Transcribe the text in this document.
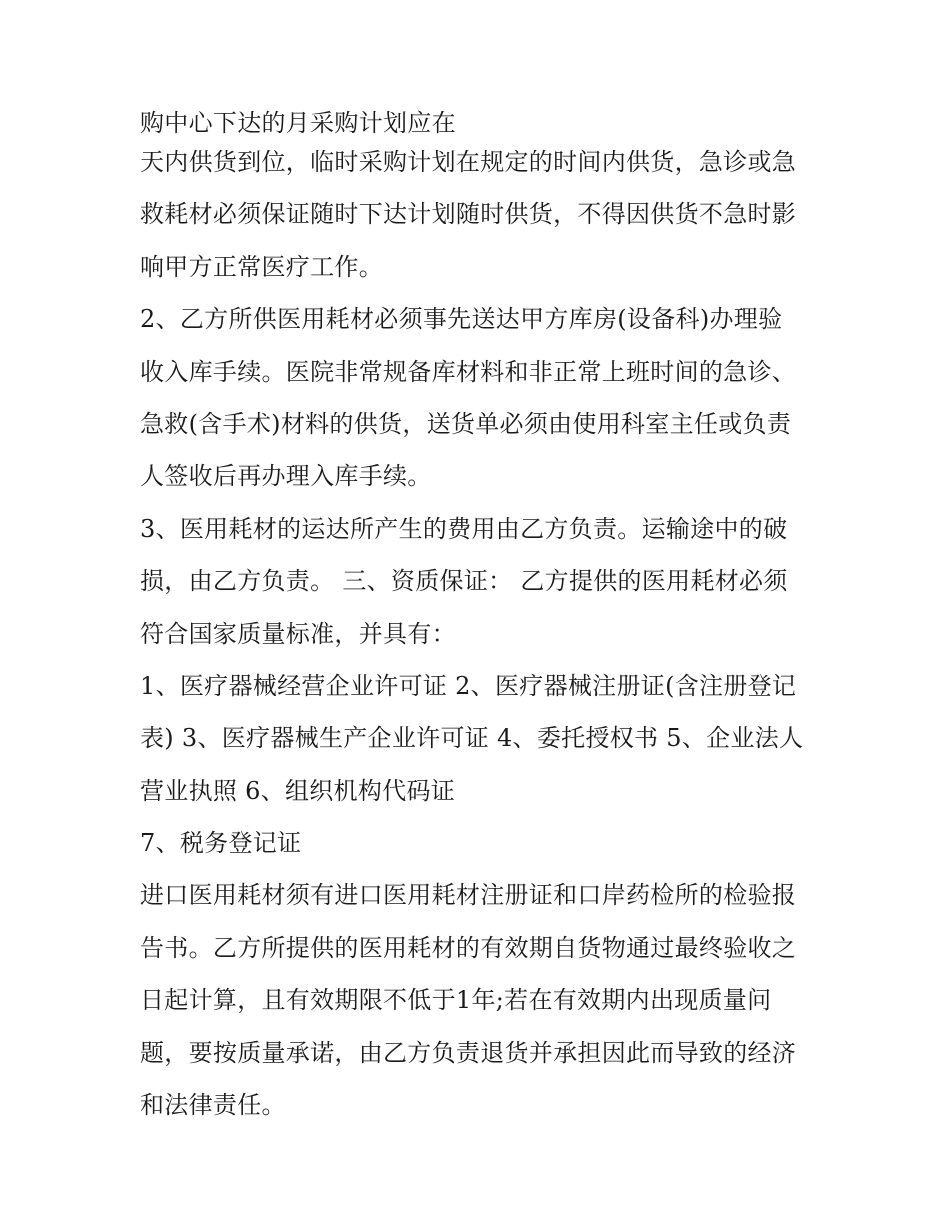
购中心下达的月采购计划应在
天内供货到位，临时采购计划在规定的时间内供货，急诊或急
救耗材必须保证随时下达计划随时供货，不得因供货不急时影
响甲方正常医疗工作。
2、乙方所供医用耗材必须事先送达甲方库房(设备科)办理验
收入库手续。医院非常规备库材料和非正常上班时间的急诊、
急救(含手术)材料的供货，送货单必须由使用科室主任或负责
人签收后再办理入库手续。
3、医用耗材的运达所产生的费用由乙方负责。运输途中的破
损，由乙方负责。 三、资质保证： 乙方提供的医用耗材必须
符合国家质量标准，并具有：
1、医疗器械经营企业许可证 2、医疗器械注册证(含注册登记
表) 3、医疗器械生产企业许可证 4、委托授权书 5、企业法人
营业执照 6、组织机构代码证
7、税务登记证
进口医用耗材须有进口医用耗材注册证和口岸药检所的检验报
告书。乙方所提供的医用耗材的有效期自货物通过最终验收之
日起计算，且有效期限不低于1年;若在有效期内出现质量问
题，要按质量承诺，由乙方负责退货并承担因此而导致的经济
和法律责任。
